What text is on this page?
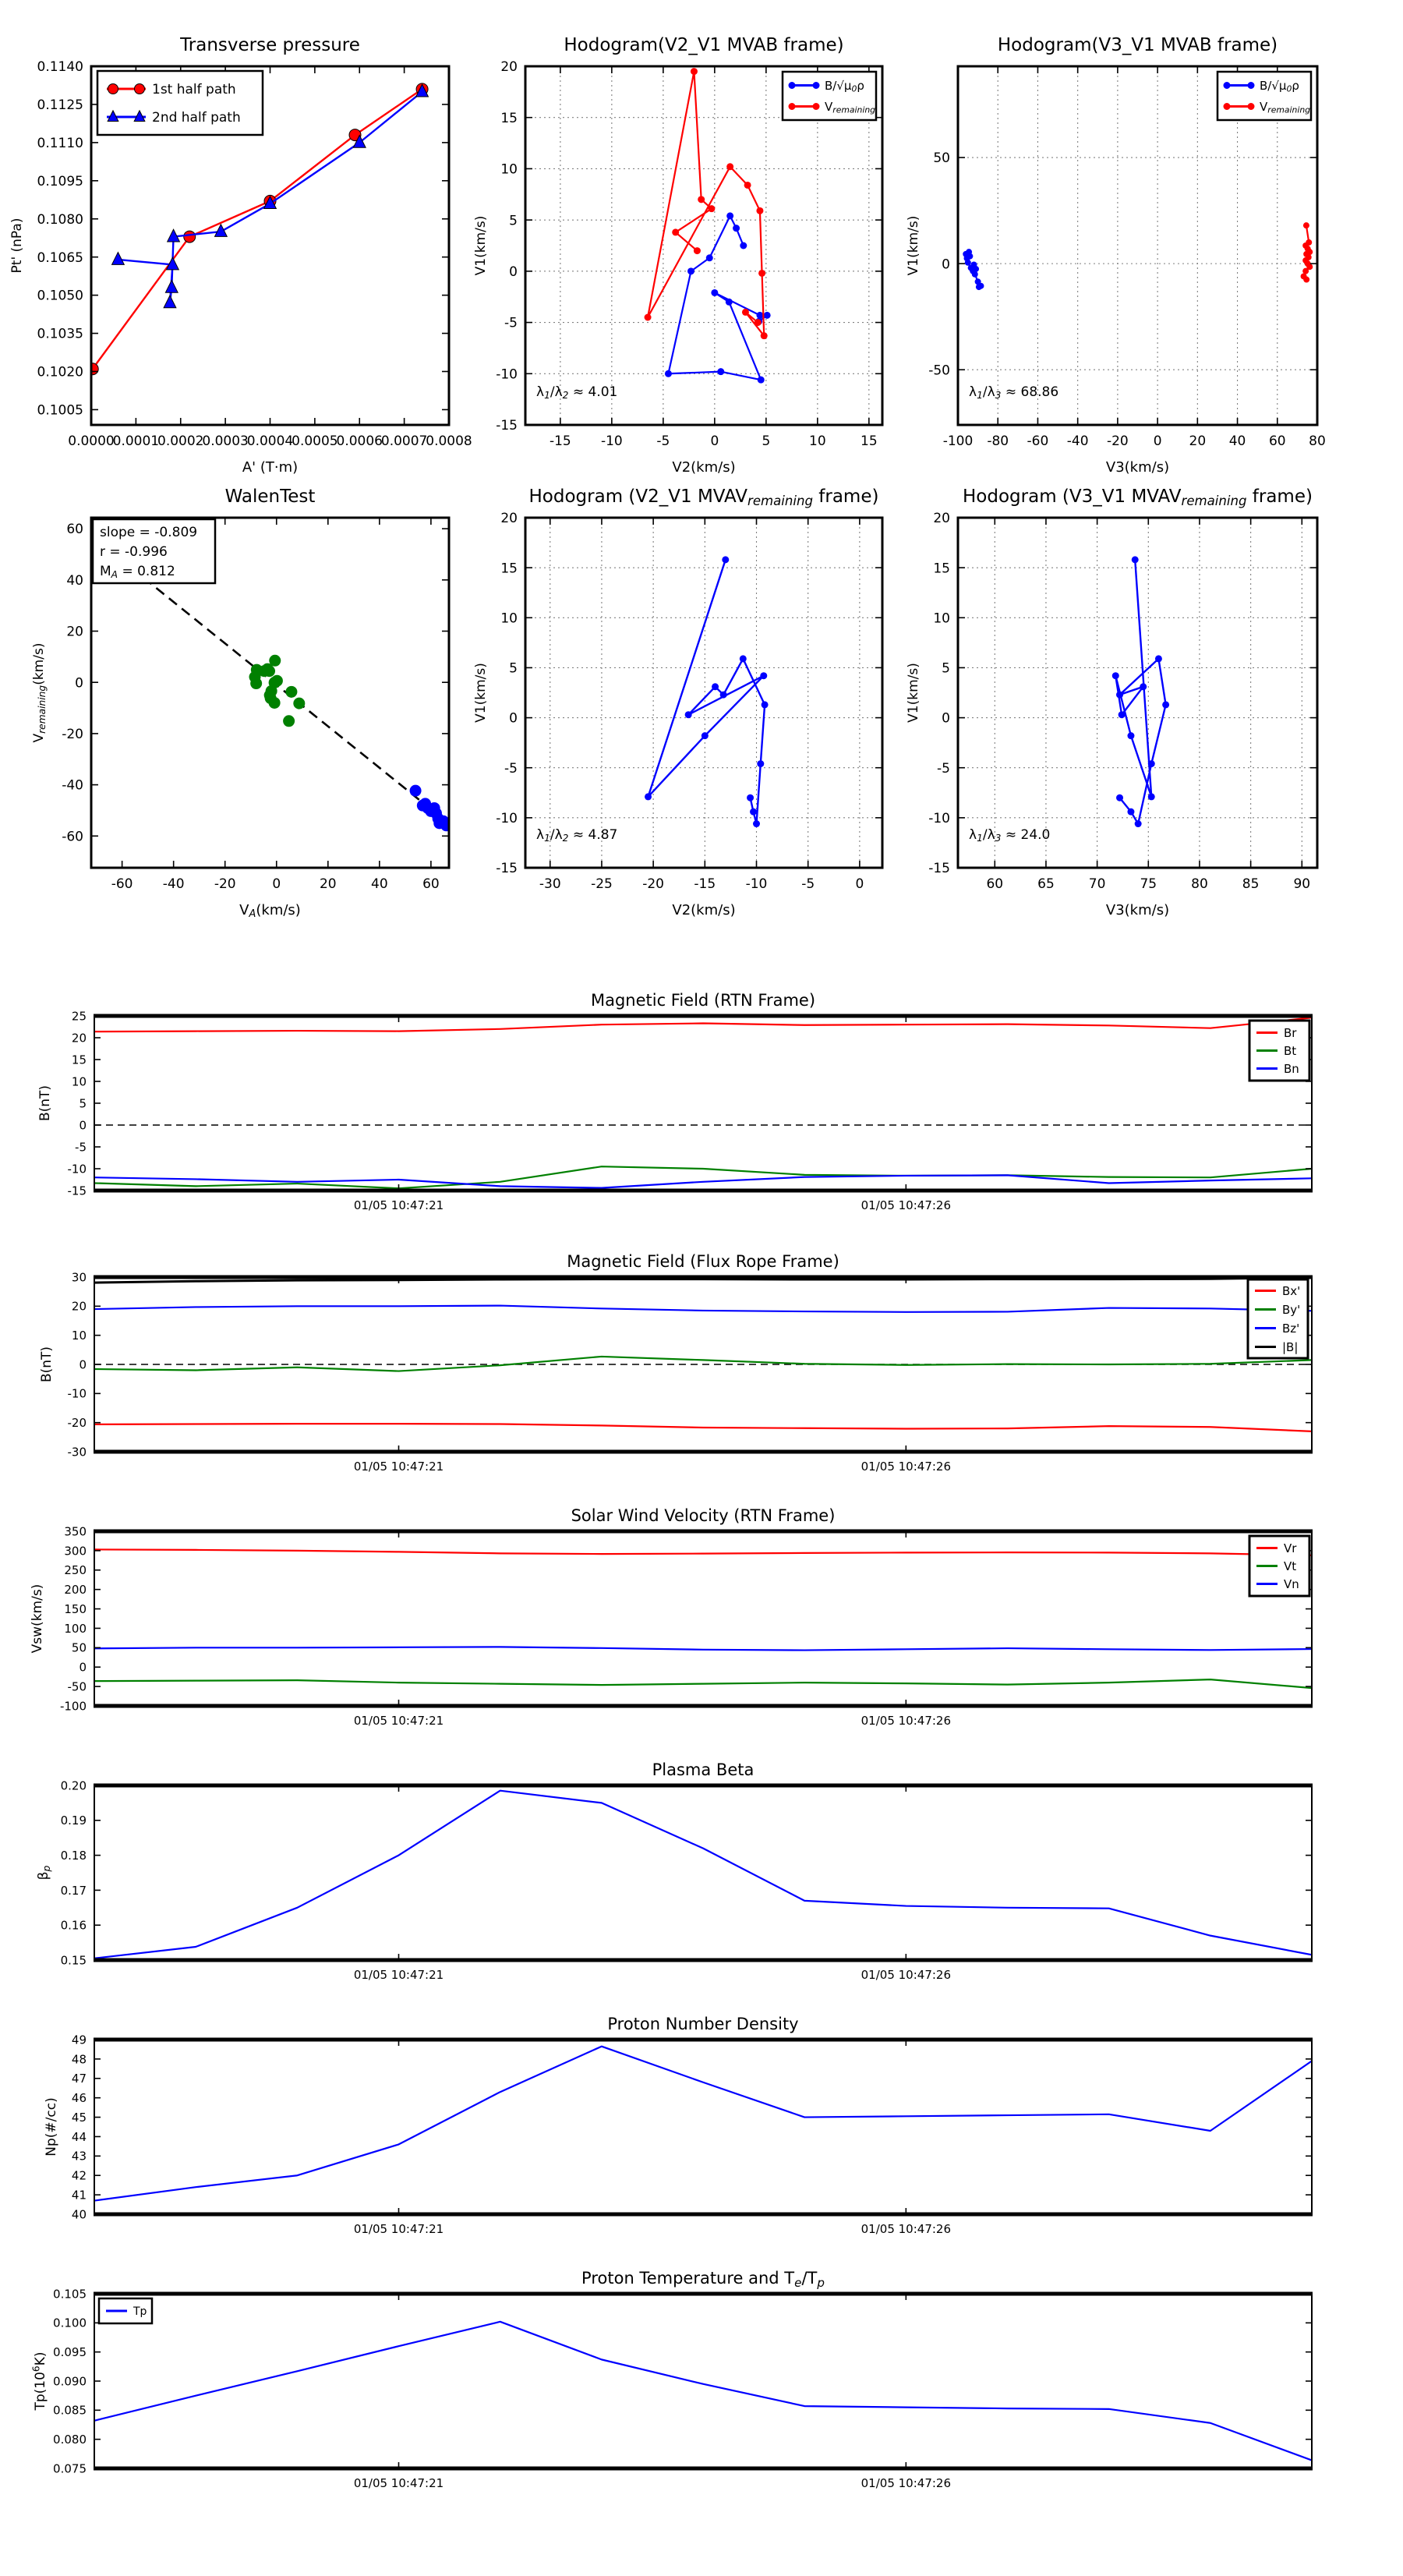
0.0000
0.0001
0.0002
0.0003
0.0004
0.0005
0.0006
0.0007
0.0008
0.1005
0.1020
0.1035
0.1050
0.1065
0.1080
0.1095
0.1110
0.1125
0.1140
Transverse pressure
A' (T·m)
Pt' (nPa)
1st half path
2nd half path
-15 -10	-5	0	5	10	15
-15
-10
-5
0
5
10
15
20
Hodogram(V2_V1 MVAB frame)
V2(km/s)
V1(km/s)
B/√μ0ρ
Vremaining
λ1/λ2 ≈ 4.01
-100 -80 -60 -40 -20 0 20 40 60 80
-50
0
50
Hodogram(V3_V1 MVAB frame)
V3(km/s)
V1(km/s)
B/√μ0ρ
Vremaining
λ1/λ3 ≈ 68.86
-60 -40 -20	0	20	40	60
-60
-40
-20
0
20
40
60
WalenTest
VA(km/s)
Vremaining(km/s)
slope = -0.809
r = -0.996
MA = 0.812
-30 -25 -20 -15 -10	-5	0
-15
-10
-5
0
5
10
15
20
Hodogram (V2_V1 MVAVremaining frame)
V2(km/s)
V1(km/s)
λ1/λ2 ≈ 4.87
60	65	70	75	80	85	90
-15
-10
-5
0
5
10
15
20
Hodogram (V3_V1 MVAVremaining frame)
V3(km/s)
V1(km/s)
λ1/λ3 ≈ 24.0
01/05 10:47:21	01/05 10:47:26
-15
-10
-5
0
5
10
15
20
25
Magnetic Field (RTN Frame)
B(nT)
Br
Bt
Bn
01/05 10:47:21	01/05 10:47:26
-30
-20
-10
0
10
20
30
Magnetic Field (Flux Rope Frame)
B(nT)
Bx'
By'
Bz'
|B|
01/05 10:47:21	01/05 10:47:26
-100
-50
0
50
100
150
200
250
300
350
Solar Wind Velocity (RTN Frame)
Vsw(km/s)
Vr
Vt
Vn
01/05 10:47:21	01/05 10:47:26
0.15
0.16
0.17
0.18
0.19
0.20
Plasma Beta
βp
01/05 10:47:21	01/05 10:47:26
40
41
42
43
44
45
46
47
48
49
Proton Number Density
Np(#/cc)
01/05 10:47:21	01/05 10:47:26
0.075
0.080
0.085
0.090
0.095
0.100
0.105
Proton Temperature and Te/Tp
$Tp(10^6K)$
Tp
